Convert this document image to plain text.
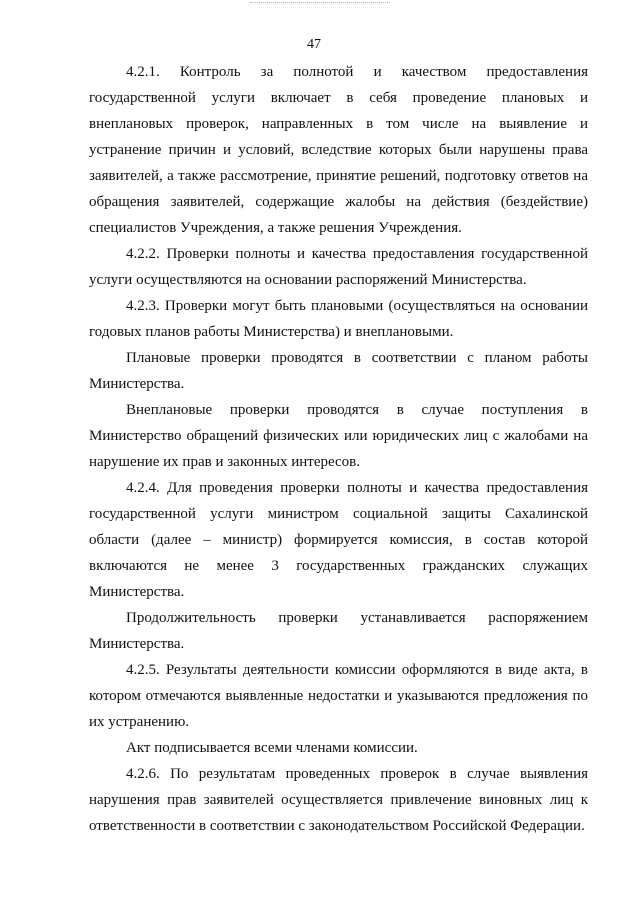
47

4.2.1. Контроль за полнотой и качеством предоставления государственной услуги включает в себя проведение плановых и внеплановых проверок, направленных в том числе на выявление и устранение причин и условий, вследствие которых были нарушены права заявителей, а также рассмотрение, принятие решений, подготовку ответов на обращения заявителей, содержащие жалобы на действия (бездействие) специалистов Учреждения, а также решения Учреждения.

4.2.2. Проверки полноты и качества предоставления государственной услуги осуществляются на основании распоряжений Министерства.

4.2.3. Проверки могут быть плановыми (осуществляться на основании годовых планов работы Министерства) и внеплановыми.

Плановые проверки проводятся в соответствии с планом работы Министерства.

Внеплановые проверки проводятся в случае поступления в Министерство обращений физических или юридических лиц с жалобами на нарушение их прав и законных интересов.

4.2.4. Для проведения проверки полноты и качества предоставления государственной услуги министром социальной защиты Сахалинской области (далее – министр) формируется комиссия, в состав которой включаются не менее 3 государственных гражданских служащих Министерства.

Продолжительность проверки устанавливается распоряжением Министерства.

4.2.5. Результаты деятельности комиссии оформляются в виде акта, в котором отмечаются выявленные недостатки и указываются предложения по их устранению.

Акт подписывается всеми членами комиссии.

4.2.6. По результатам проведенных проверок в случае выявления нарушения прав заявителей осуществляется привлечение виновных лиц к ответственности в соответствии с законодательством Российской Федерации.
